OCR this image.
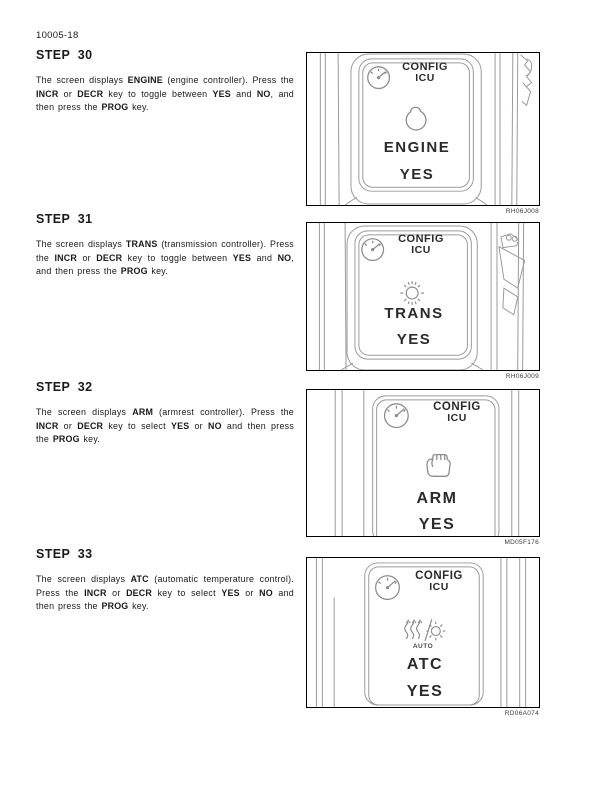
10005-18
STEP  30

The screen displays ENGINE (engine controller). Press the INCR or DECR key to toggle between YES and NO, and then press the PROG key.

CONFIG
ICU
ENGINE
YES
RH06J008
STEP  31

The screen displays TRANS (transmission controller). Press the INCR or DECR key to toggle between YES and NO, and then press the PROG key.

CONFIG
ICU
TRANS
YES
RH06J009
STEP  32

The screen displays ARM (armrest controller). Press the INCR or DECR key to select YES or NO and then press the PROG key.

CONFIG
ICU
ARM
YES
MD05F176
STEP  33

The screen displays ATC (automatic temperature control). Press the INCR or DECR key to select YES or NO and then press the PROG key.

CONFIG
ICU
AUTO
ATC
YES
RD06A074
